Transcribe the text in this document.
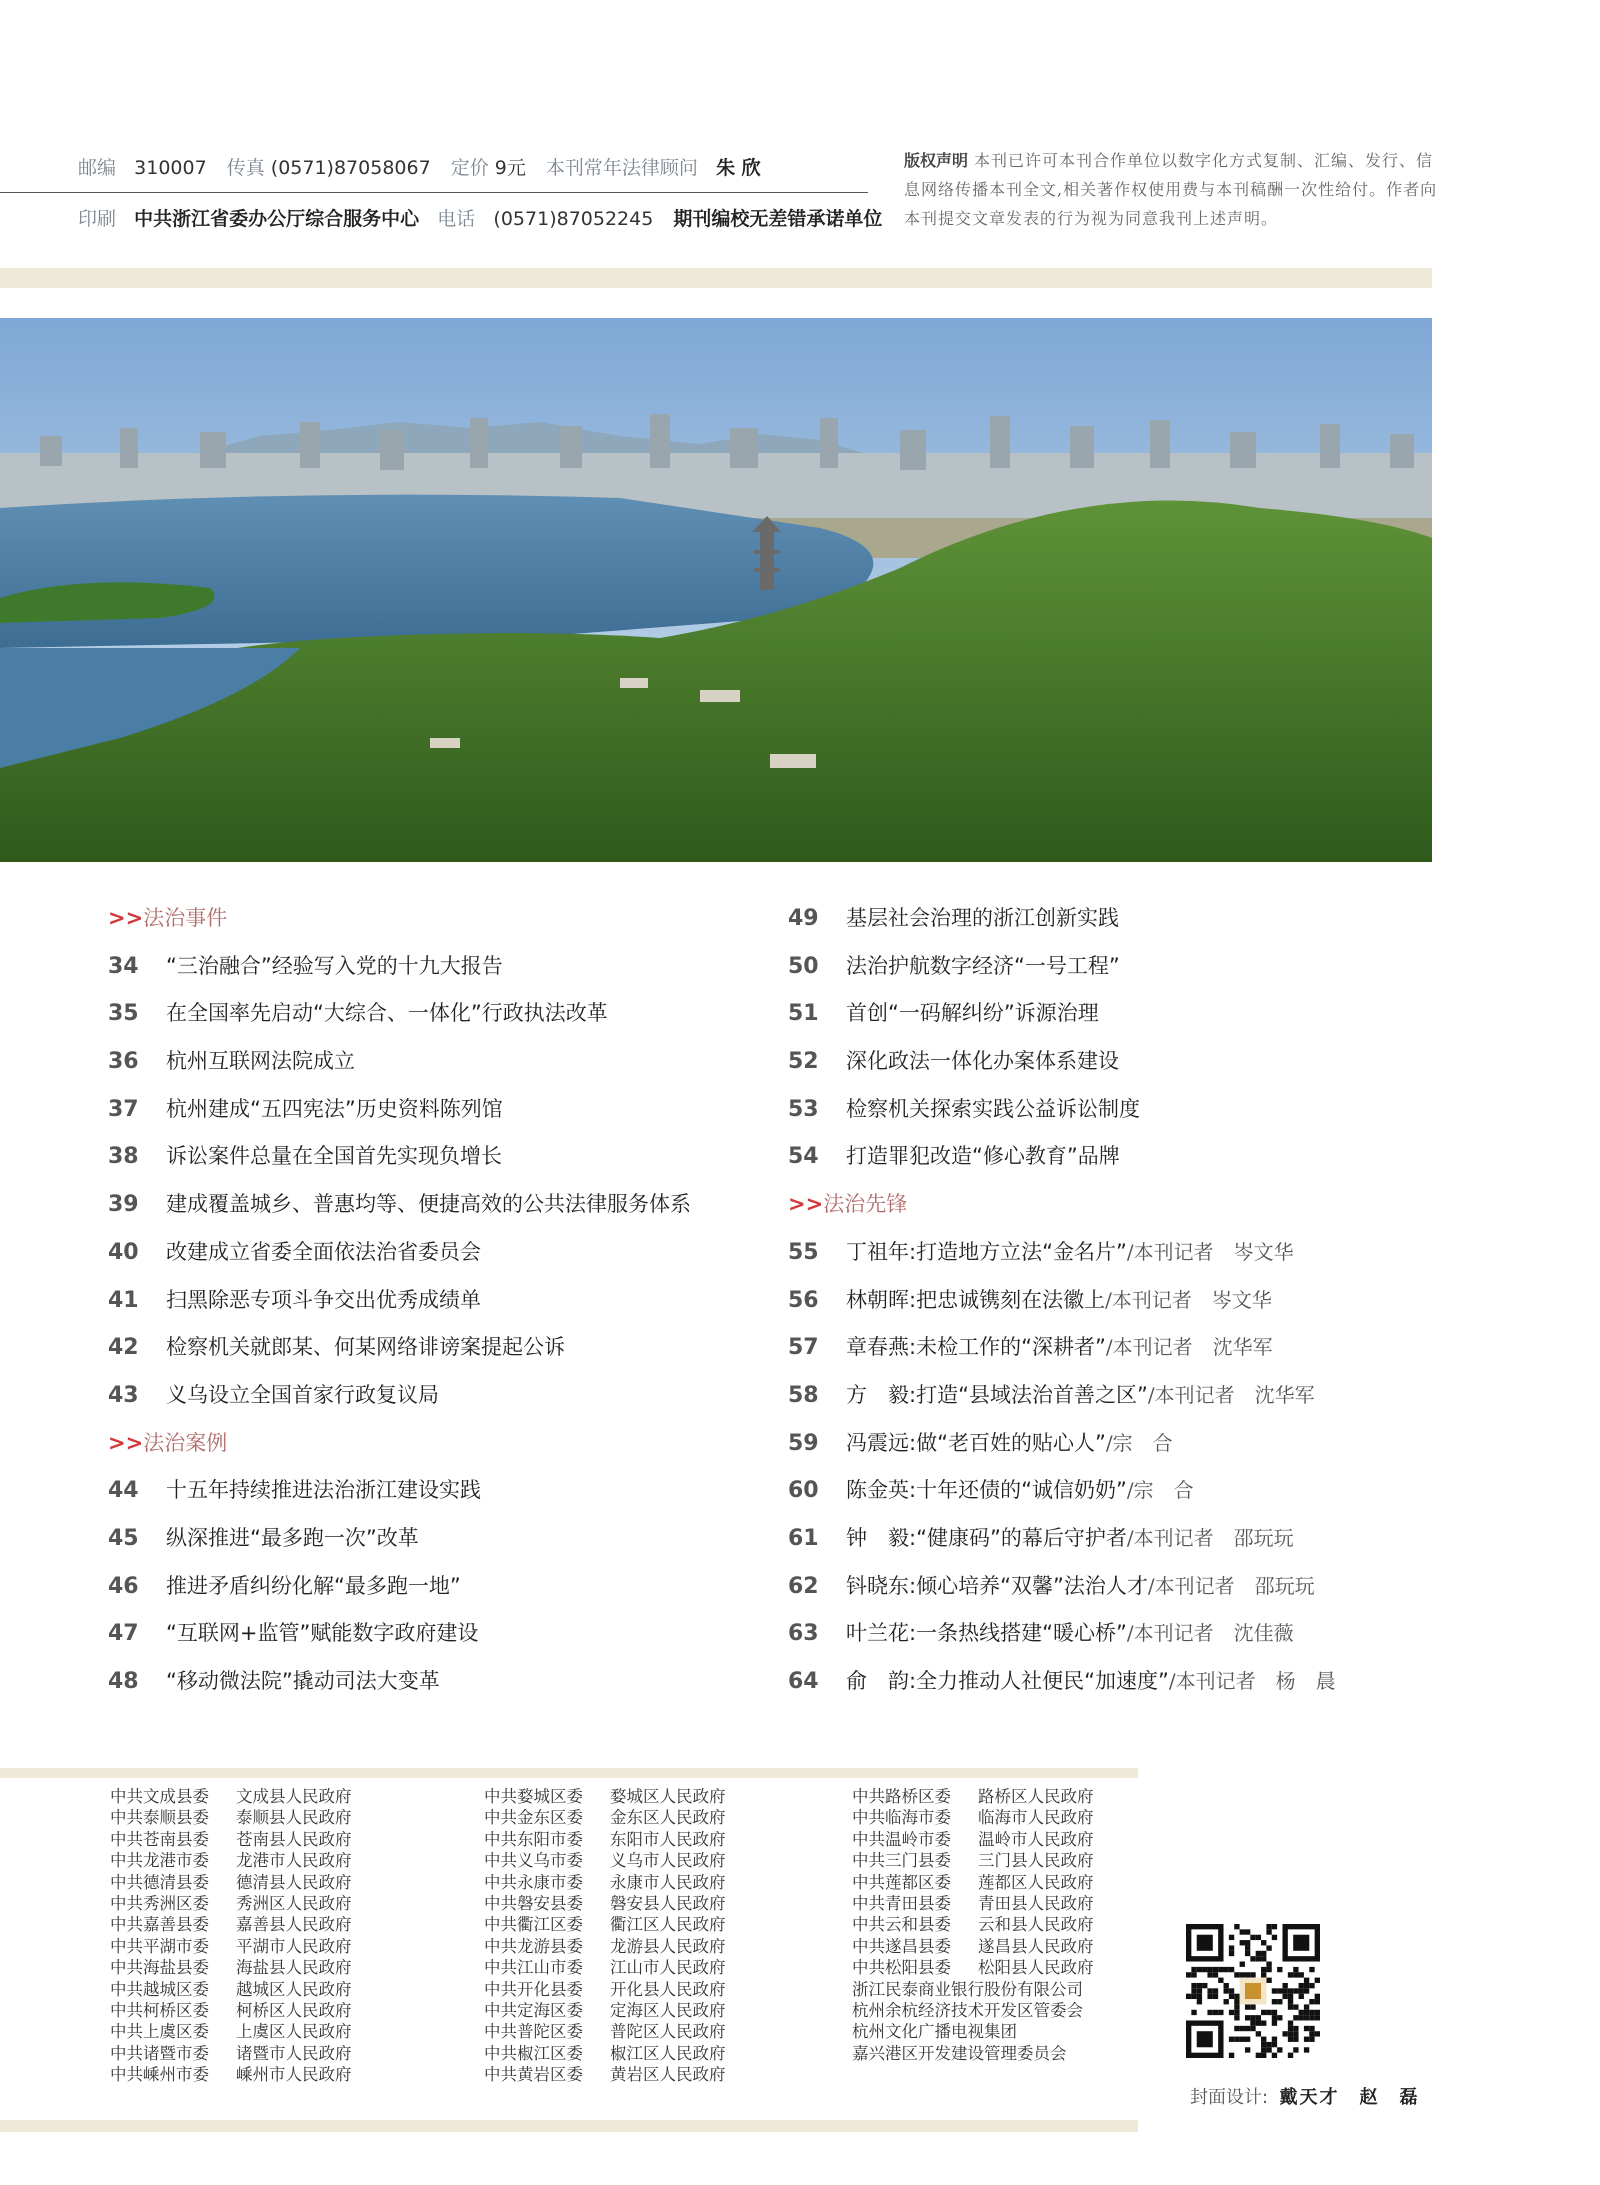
邮编 310007 传真 (0571)87058067 定价 9元 本刊常年法律顾问 朱 欣
印刷 中共浙江省委办公厅综合服务中心 电话 (0571)87052245 期刊编校无差错承诺单位
版权声明 本刊已许可本刊合作单位以数字化方式复制、汇编、发行、信息网络传播本刊全文,相关著作权使用费与本刊稿酬一次性给付。作者向本刊提交文章发表的行为视为同意我刊上述声明。
>>法治事件
34 “三治融合”经验写入党的十九大报告
35 在全国率先启动“大综合、一体化”行政执法改革
36 杭州互联网法院成立
37 杭州建成“五四宪法”历史资料陈列馆
38 诉讼案件总量在全国首先实现负增长
39 建成覆盖城乡、普惠均等、便捷高效的公共法律服务体系
40 改建成立省委全面依法治省委员会
41 扫黑除恶专项斗争交出优秀成绩单
42 检察机关就郎某、何某网络诽谤案提起公诉
43 义乌设立全国首家行政复议局
>>法治案例
44 十五年持续推进法治浙江建设实践
45 纵深推进“最多跑一次”改革
46 推进矛盾纠纷化解“最多跑一地”
47 “互联网+监管”赋能数字政府建设
48 “移动微法院”撬动司法大变革
49 基层社会治理的浙江创新实践
50 法治护航数字经济“一号工程”
51 首创“一码解纠纷”诉源治理
52 深化政法一体化办案体系建设
53 检察机关探索实践公益诉讼制度
54 打造罪犯改造“修心教育”品牌
>>法治先锋
55 丁祖年:打造地方立法“金名片”/本刊记者　岑文华
56 林朝晖:把忠诚镌刻在法徽上/本刊记者　岑文华
57 章春燕:未检工作的“深耕者”/本刊记者　沈华军
58 方　毅:打造“县域法治首善之区”/本刊记者　沈华军
59 冯震远:做“老百姓的贴心人”/宗　合
60 陈金英:十年还债的“诚信奶奶”/宗　合
61 钟　毅:“健康码”的幕后守护者/本刊记者　邵玩玩
62 钭晓东:倾心培养“双馨”法治人才/本刊记者　邵玩玩
63 叶兰花:一条热线搭建“暖心桥”/本刊记者　沈佳薇
64 俞　韵:全力推动人社便民“加速度”/本刊记者　杨　晨
中共文成县委 文成县人民政府
中共泰顺县委 泰顺县人民政府
中共苍南县委 苍南县人民政府
中共龙港市委 龙港市人民政府
中共德清县委 德清县人民政府
中共秀洲区委 秀洲区人民政府
中共嘉善县委 嘉善县人民政府
中共平湖市委 平湖市人民政府
中共海盐县委 海盐县人民政府
中共越城区委 越城区人民政府
中共柯桥区委 柯桥区人民政府
中共上虞区委 上虞区人民政府
中共诸暨市委 诸暨市人民政府
中共嵊州市委 嵊州市人民政府
中共婺城区委 婺城区人民政府
中共金东区委 金东区人民政府
中共东阳市委 东阳市人民政府
中共义乌市委 义乌市人民政府
中共永康市委 永康市人民政府
中共磐安县委 磐安县人民政府
中共衢江区委 衢江区人民政府
中共龙游县委 龙游县人民政府
中共江山市委 江山市人民政府
中共开化县委 开化县人民政府
中共定海区委 定海区人民政府
中共普陀区委 普陀区人民政府
中共椒江区委 椒江区人民政府
中共黄岩区委 黄岩区人民政府
中共路桥区委 路桥区人民政府
中共临海市委 临海市人民政府
中共温岭市委 温岭市人民政府
中共三门县委 三门县人民政府
中共莲都区委 莲都区人民政府
中共青田县委 青田县人民政府
中共云和县委 云和县人民政府
中共遂昌县委 遂昌县人民政府
中共松阳县委 松阳县人民政府
浙江民泰商业银行股份有限公司
杭州余杭经济技术开发区管委会
杭州文化广播电视集团
嘉兴港区开发建设管理委员会
封面设计: 戴天才　赵　磊
